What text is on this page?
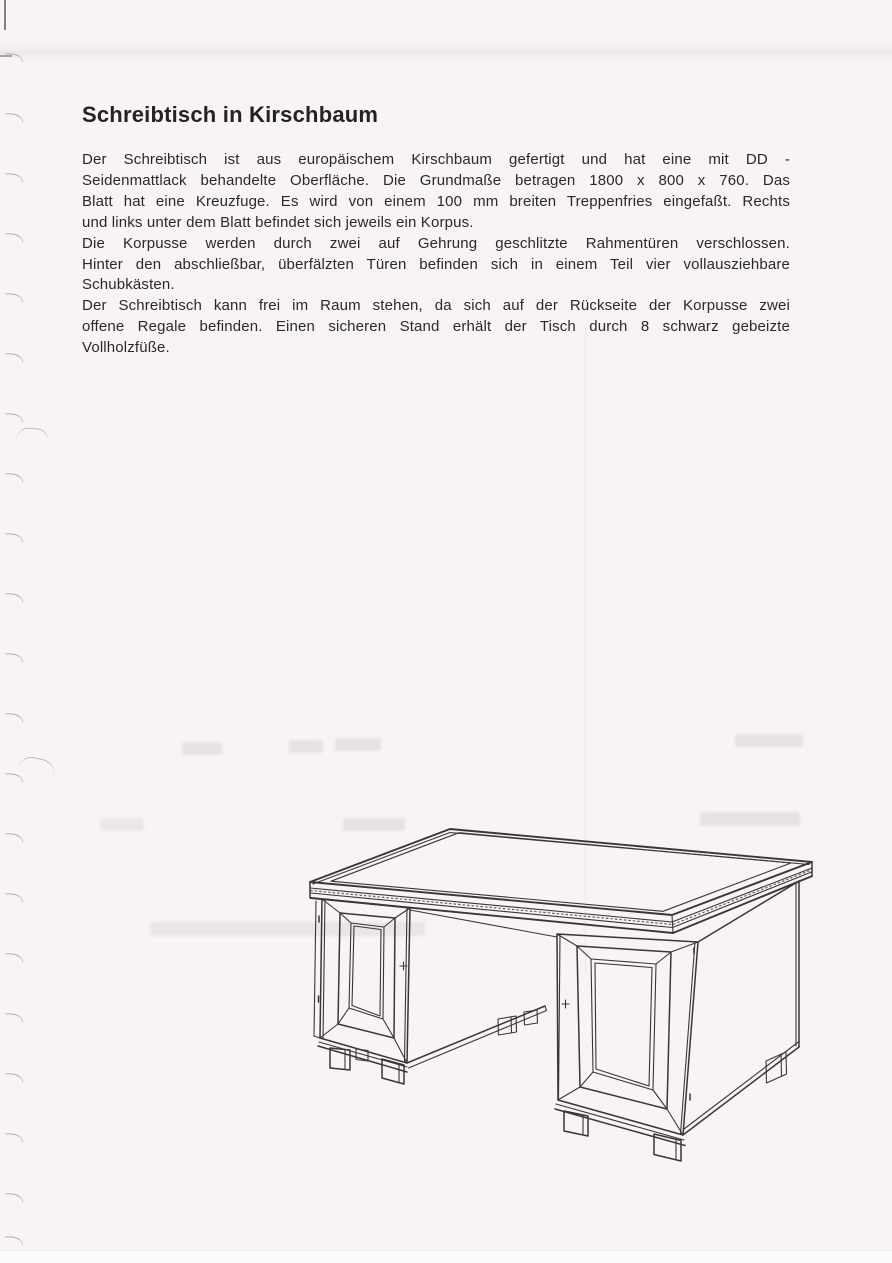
Schreibtisch in Kirschbaum
Der Schreibtisch ist aus europäischem Kirschbaum gefertigt und hat eine mit DD -
Seidenmattlack behandelte Oberfläche. Die Grundmaße betragen 1800 x 800 x 760. Das
Blatt hat eine Kreuzfuge. Es wird von einem 100 mm breiten Treppenfries eingefaßt. Rechts
und links unter dem Blatt befindet sich jeweils ein Korpus.
Die Korpusse werden durch zwei auf Gehrung geschlitzte Rahmentüren verschlossen.
Hinter den abschließbar, überfälzten Türen befinden sich in einem Teil vier vollausziehbare
Schubkästen.
Der Schreibtisch kann frei im Raum stehen, da sich auf der Rückseite der Korpusse zwei
offene Regale befinden. Einen sicheren Stand erhält der Tisch durch 8 schwarz gebeizte
Vollholzfüße.
